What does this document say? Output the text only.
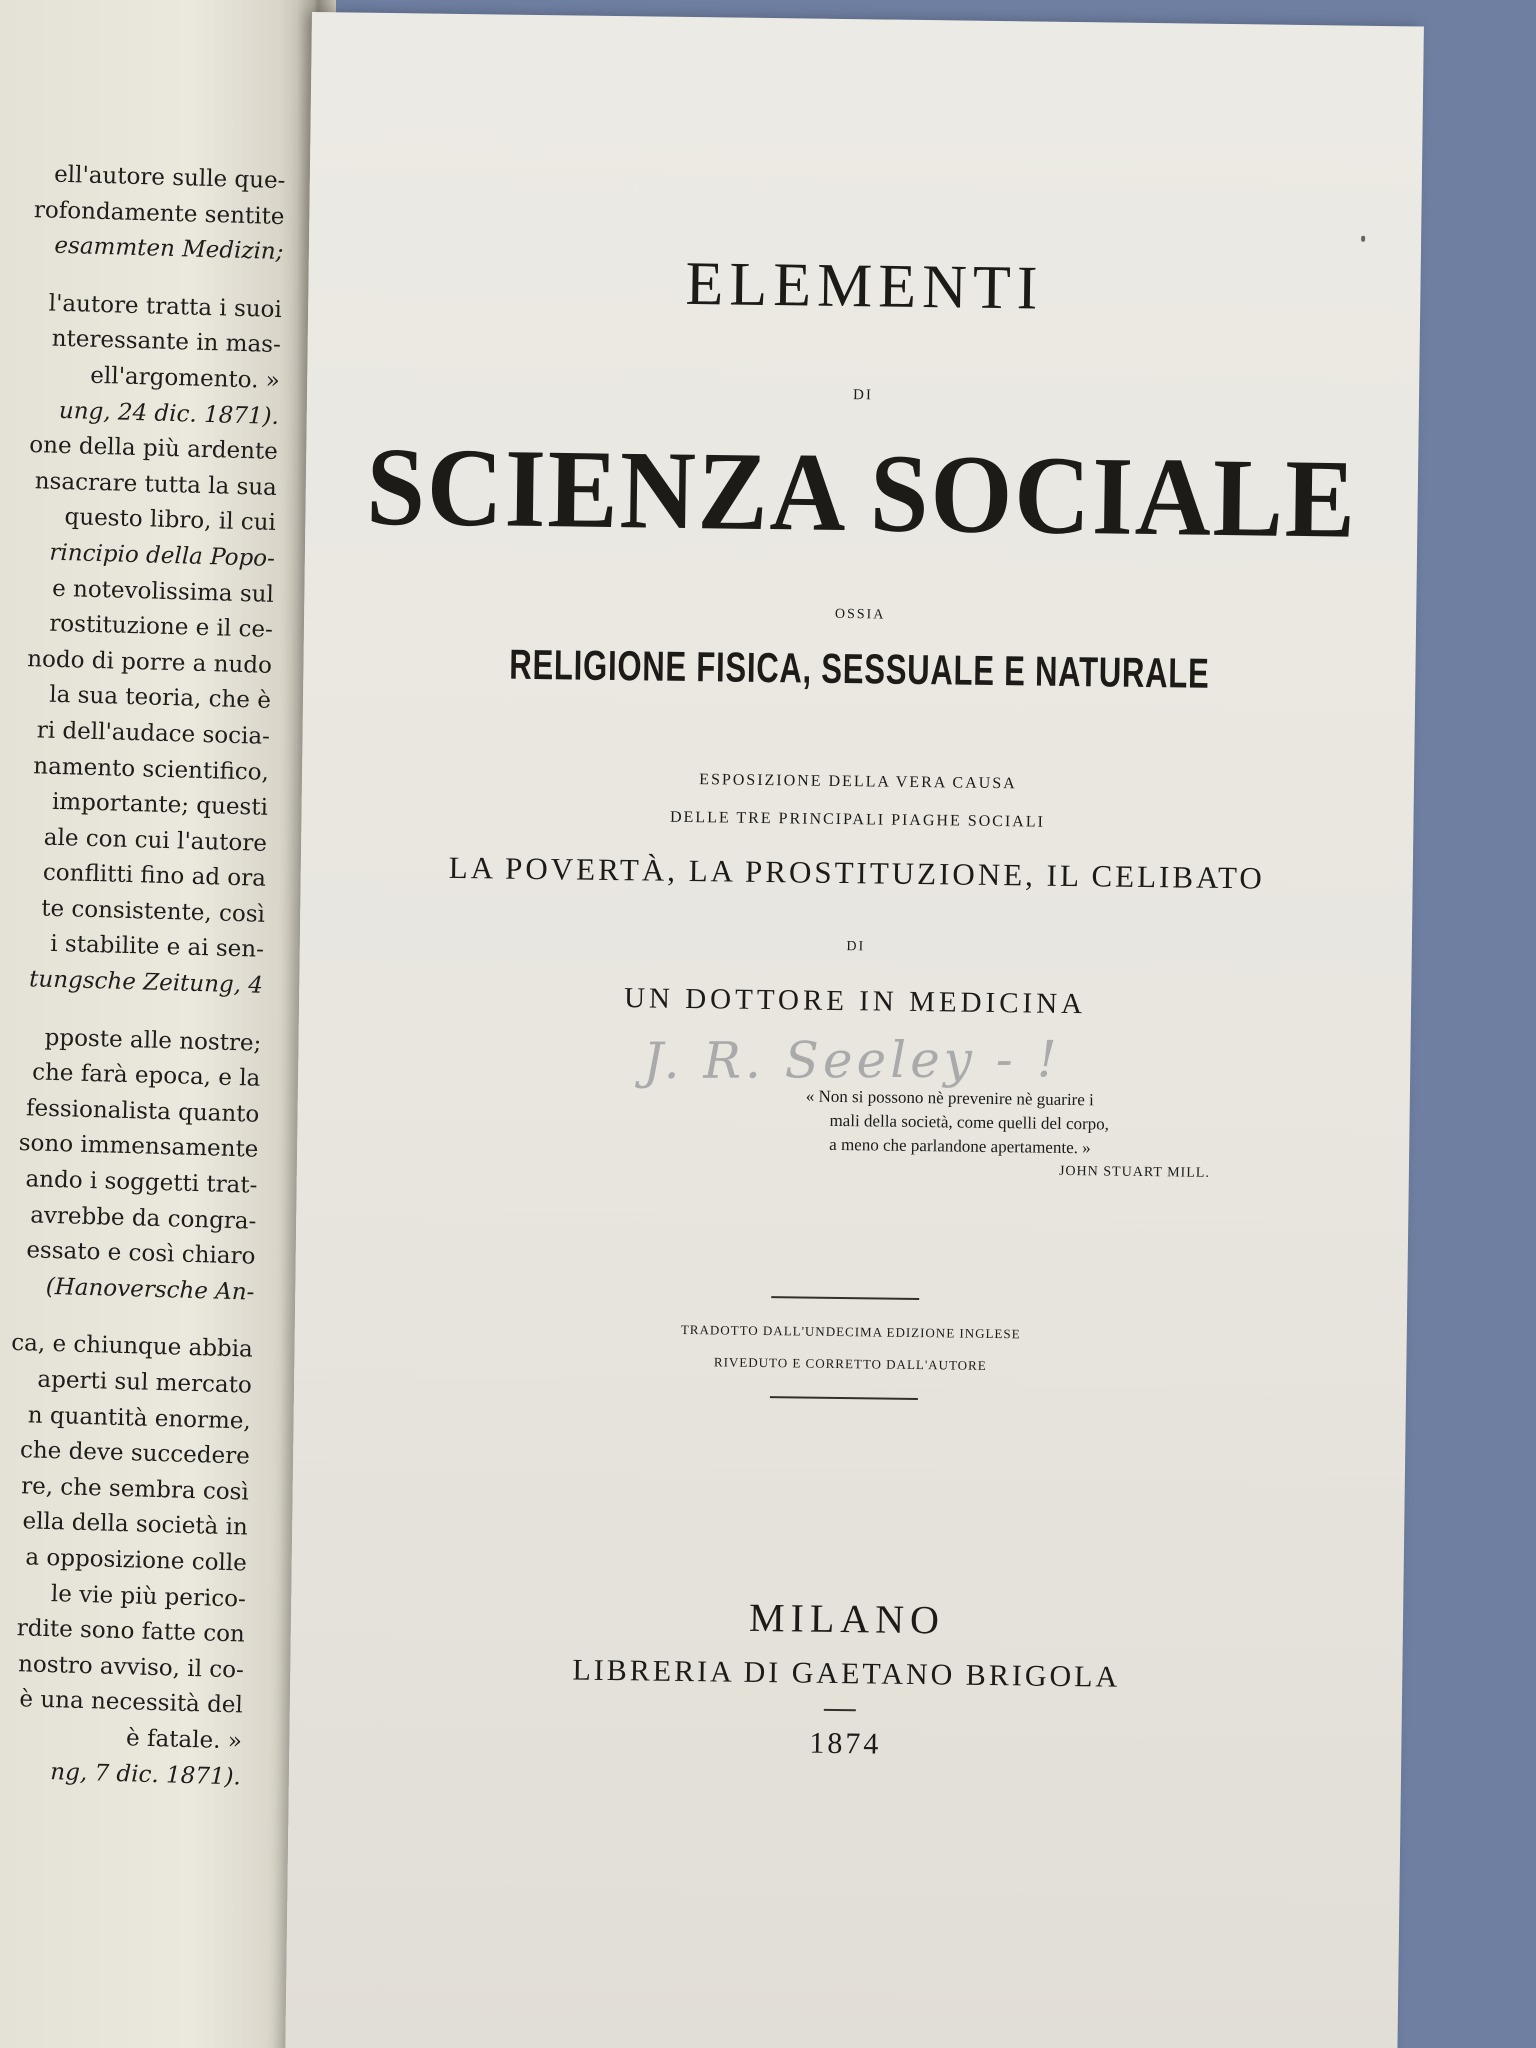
ell'autore sulle que-
rofondamente sentite
esammten Medizin;
l'autore tratta i suoi
nteressante in mas-
ell'argomento. »
ung, 24 dic. 1871).
one della più ardente
nsacrare tutta la sua
questo libro, il cui
rincipio della Popo-
e notevolissima sul
rostituzione e il ce-
nodo di porre a nudo
la sua teoria, che è
ri dell'audace socia-
namento scientifico,
importante; questi
ale con cui l'autore
conflitti fino ad ora
te consistente, così
i stabilite e ai sen-
tungsche Zeitung, 4
pposte alle nostre;
che farà epoca, e la
fessionalista quanto
sono immensamente
ando i soggetti trat-
avrebbe da congra-
essato e così chiaro
(Hanoversche An-
ca, e chiunque abbia
aperti sul mercato
n quantità enorme,
che deve succedere
re, che sembra così
ella della società in
a opposizione colle
le vie più perico-
rdite sono fatte con
nostro avviso, il co-
è una necessità del
è fatale. »
ng, 7 dic. 1871).
ELEMENTI
DI
SCIENZA SOCIALE
OSSIA
RELIGIONE FISICA, SESSUALE E NATURALE
ESPOSIZIONE DELLA VERA CAUSA
DELLE TRE PRINCIPALI PIAGHE SOCIALI
LA POVERTÀ, LA PROSTITUZIONE, IL CELIBATO
DI
UN DOTTORE IN MEDICINA
J. R. Seeley - !
« Non si possono nè prevenire nè guarire i
mali della società, come quelli del corpo,
a meno che parlandone apertamente. »
JOHN STUART MILL.
TRADOTTO DALL'UNDECIMA EDIZIONE INGLESE
RIVEDUTO E CORRETTO DALL'AUTORE
MILANO
LIBRERIA DI GAETANO BRIGOLA
1874
